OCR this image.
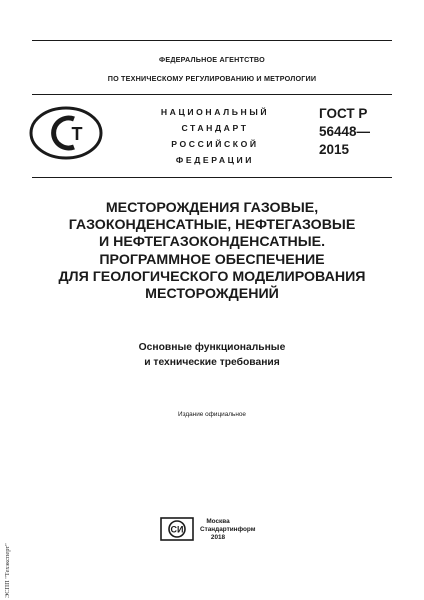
ФЕДЕРАЛЬНОЕ АГЕНТСТВО
ПО ТЕХНИЧЕСКОМУ РЕГУЛИРОВАНИЮ И МЕТРОЛОГИИ
Т
НАЦИОНАЛЬНЫЙ
СТАНДАРТ
РОССИЙСКОЙ
ФЕДЕРАЦИИ
ГОСТ Р
56448—
2015
МЕСТОРОЖДЕНИЯ ГАЗОВЫЕ,
ГАЗОКОНДЕНСАТНЫЕ, НЕФТЕГАЗОВЫЕ
И НЕФТЕГАЗОКОНДЕНСАТНЫЕ.
ПРОГРАММНОЕ ОБЕСПЕЧЕНИЕ
ДЛЯ ГЕОЛОГИЧЕСКОГО МОДЕЛИРОВАНИЯ
МЕСТОРОЖДЕНИЙ
Основные функциональные
и технические требования
Издание официальное
СИ
СИ
Москва
Стандартинформ
2018
ЭСПП "Техэксперт"
